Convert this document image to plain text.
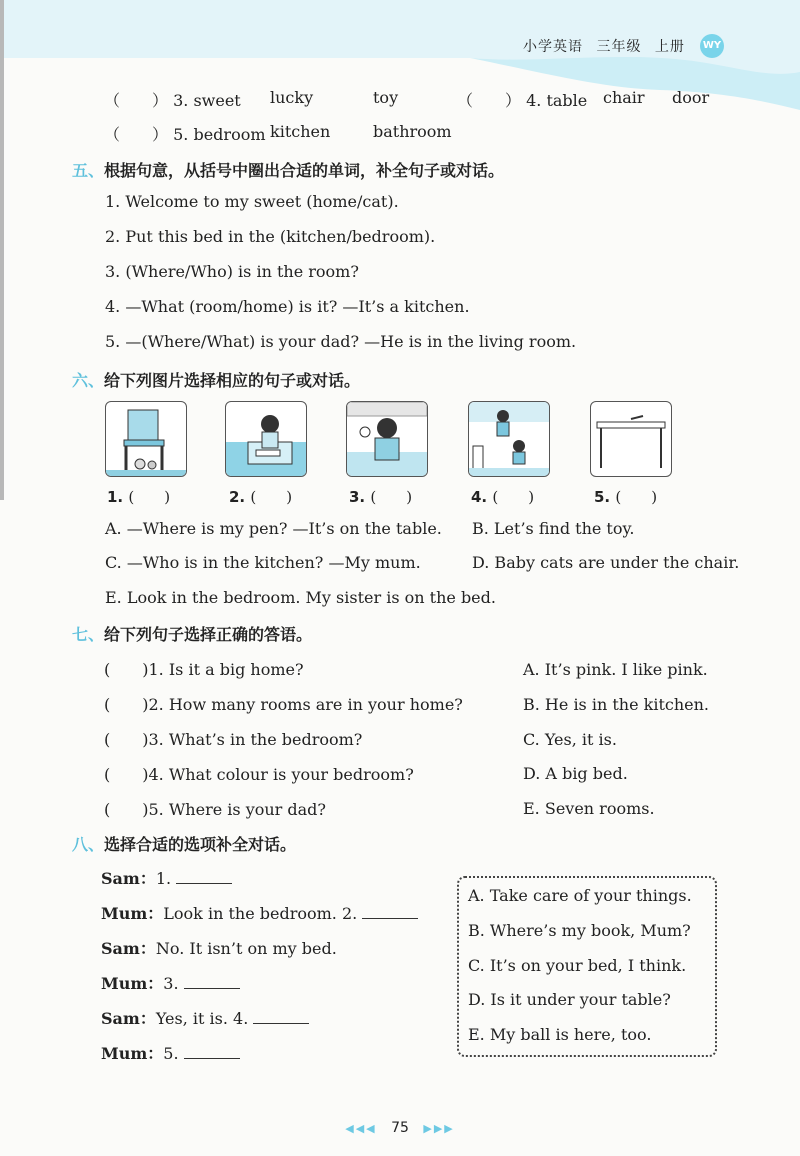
小学英语 三年级 上册	WY
（　　） 3. sweet lucky	toy	（　　） 4. table chair door
（　　） 5. bedroom kitchen	bathroom
五、根据句意，从括号中圈出合适的单词，补全句子或对话。
1. Welcome to my sweet (home/cat).
2. Put this bed in the (kitchen/bedroom).
3. (Where/Who) is in the room?
4. —What (room/home) is it? —It’s a kitchen.
5. —(Where/What) is your dad? —He is in the living room.
六、给下列图片选择相应的句子或对话。
1. (　　)	2. (　　)	3. (　　)	4. (　　)	5. (　　)
A. —Where is my pen? —It’s on the table. B. Let’s find the toy.
C. —Who is in the kitchen? —My mum.	D. Baby cats are under the chair.
E. Look in the bedroom. My sister is on the bed.
七、给下列句子选择正确的答语。
(　　)1. Is it a big home?
(　　)2. How many rooms are in your home?
(　　)3. What’s in the bedroom?
(　　)4. What colour is your bedroom?
(　　)5. Where is your dad?
A. It’s pink. I like pink.
B. He is in the kitchen.
C. Yes, it is.
D. A big bed.
E. Seven rooms.
八、选择合适的选项补全对话。
Sam：1.
Mum：Look in the bedroom. 2.
Sam：No. It isn’t on my bed.
Mum：3.
Sam：Yes, it is. 4.
Mum：5.
A. Take care of your things.
B. Where’s my book, Mum?
C. It’s on your bed, I think.
D. Is it under your table?
E. My ball is here, too.
◀◀◀ 75 ▶▶▶
